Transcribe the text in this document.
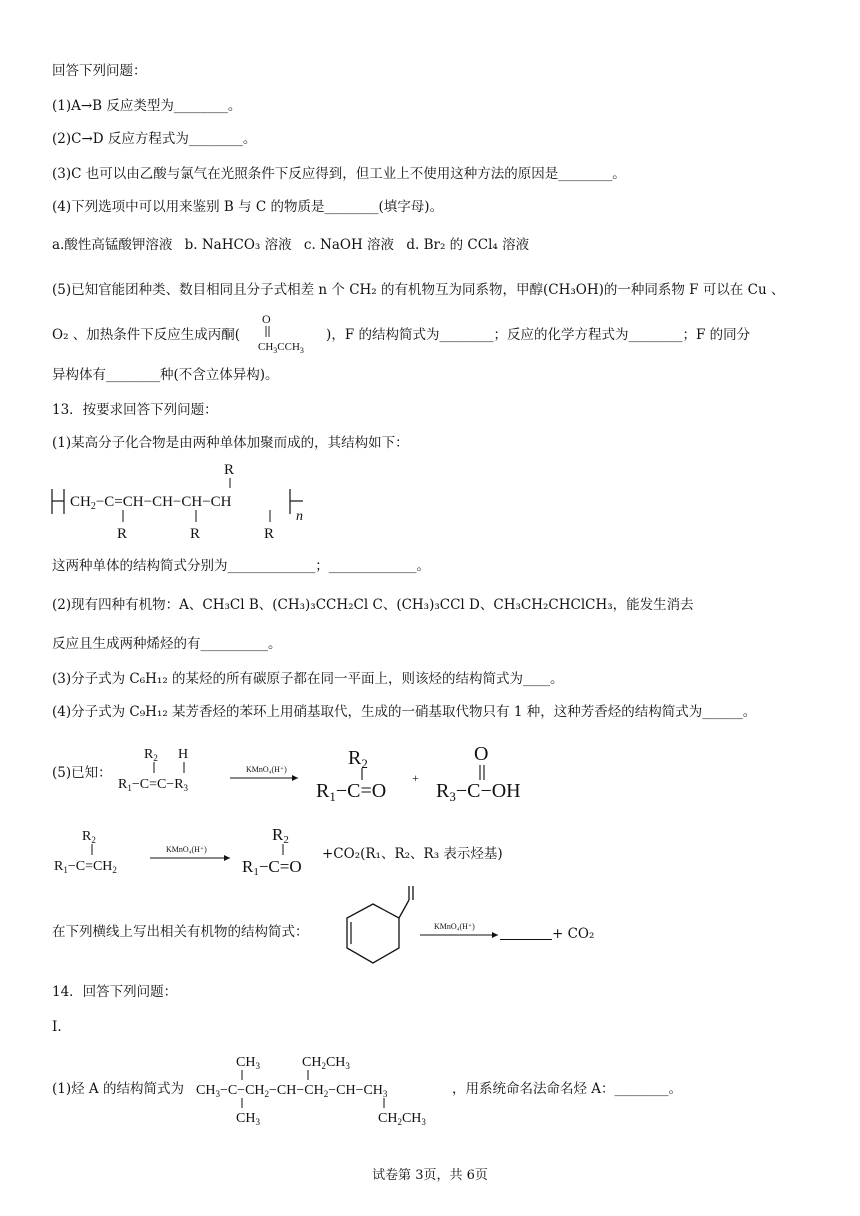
回答下列问题：
(1)A→B 反应类型为________。
(2)C→D 反应方程式为________。
(3)C 也可以由乙酸与氯气在光照条件下反应得到，但工业上不使用这种方法的原因是________。
(4)下列选项中可以用来鉴别 B 与 C 的物质是________(填字母)。
a.酸性高锰酸钾溶液 b. NaHCO₃ 溶液 c. NaOH 溶液 d. Br₂ 的 CCl₄ 溶液
(5)已知官能团种类、数目相同且分子式相差 n 个 CH₂ 的有机物互为同系物，甲醇(CH₃OH)的一种同系物 F 可以在 Cu 、
O₂ 、加热条件下反应生成丙酮(	)，F 的结构简式为________；反应的化学方程式为________；F 的同分
O
$CH_3CCH_3$
异构体有________种(不含立体异构)。
13．按要求回答下列问题：
(1)某高分子化合物是由两种单体加聚而成的，其结构如下：
$CH_2-C=CH-CH-CH-CH$
n
R
R	R	R
这两种单体的结构简式分别为_____________；_____________。
(2)现有四种有机物：A、CH₃Cl B、(CH₃)₃CCH₂Cl C、(CH₃)₃CCl D、CH₃CH₂CHClCH₃，能发生消去
反应且生成两种烯烃的有__________。
(3)分子式为 C₆H₁₂ 的某烃的所有碳原子都在同一平面上，则该烃的结构简式为____。
(4)分子式为 C₉H₁₂ 某芳香烃的苯环上用硝基取代，生成的一硝基取代物只有 1 种，这种芳香烃的结构简式为______。
(5)已知：
$R_2$ H
$R_1-C=C-R_3$
KMnO₄(H⁺)
$R_2$
$R_1-C=O$
+
O
$R_3-C-OH$
$R_2$
$R_1-C=CH_2$
KMnO₄(H⁺)
R2
R1−C=O
+CO₂(R₁、R₂、R₃ 表示烃基)
在下列横线上写出相关有机物的结构简式：	KMnO₄(H⁺)	+ CO₂
14．回答下列问题：
I.
(1)烃 A 的结构简式为
$CH_3$	$CH_2CH_3$
$CH_3-C-CH_2-CH-CH_2-CH-CH_3$
$CH_3$	$CH_2CH_3$
，用系统命名法命名烃 A：________。
试卷第 3页，共 6页
